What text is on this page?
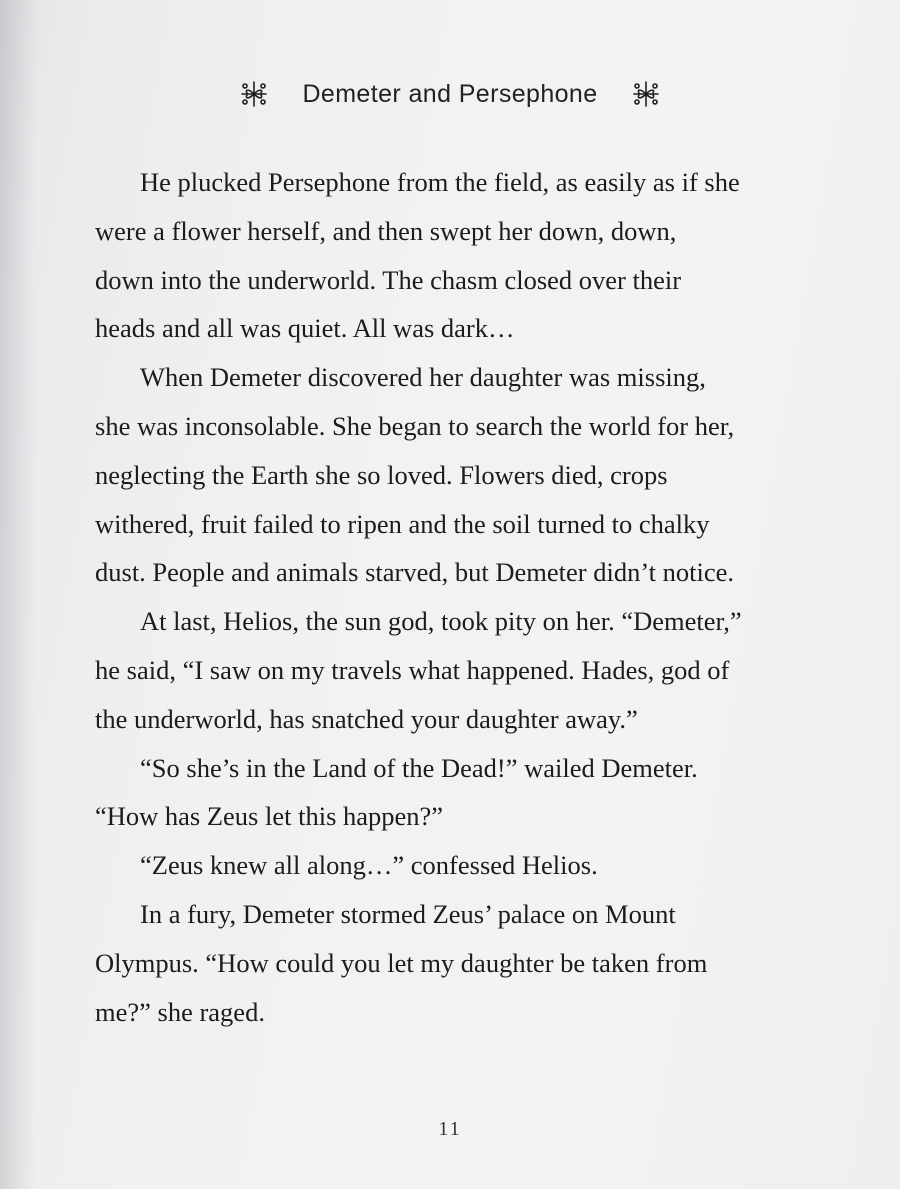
Demeter and Persephone

He plucked Persephone from the field, as easily as if she
were a flower herself, and then swept her down, down,
down into the underworld. The chasm closed over their
heads and all was quiet. All was dark…

When Demeter discovered her daughter was missing,
she was inconsolable. She began to search the world for her,
neglecting the Earth she so loved. Flowers died, crops
withered, fruit failed to ripen and the soil turned to chalky
dust. People and animals starved, but Demeter didn’t notice.

At last, Helios, the sun god, took pity on her. “Demeter,”
he said, “I saw on my travels what happened. Hades, god of
the underworld, has snatched your daughter away.”

“So she’s in the Land of the Dead!” wailed Demeter.
“How has Zeus let this happen?”

“Zeus knew all along…” confessed Helios.

In a fury, Demeter stormed Zeus’ palace on Mount
Olympus. “How could you let my daughter be taken from
me?” she raged.

11
